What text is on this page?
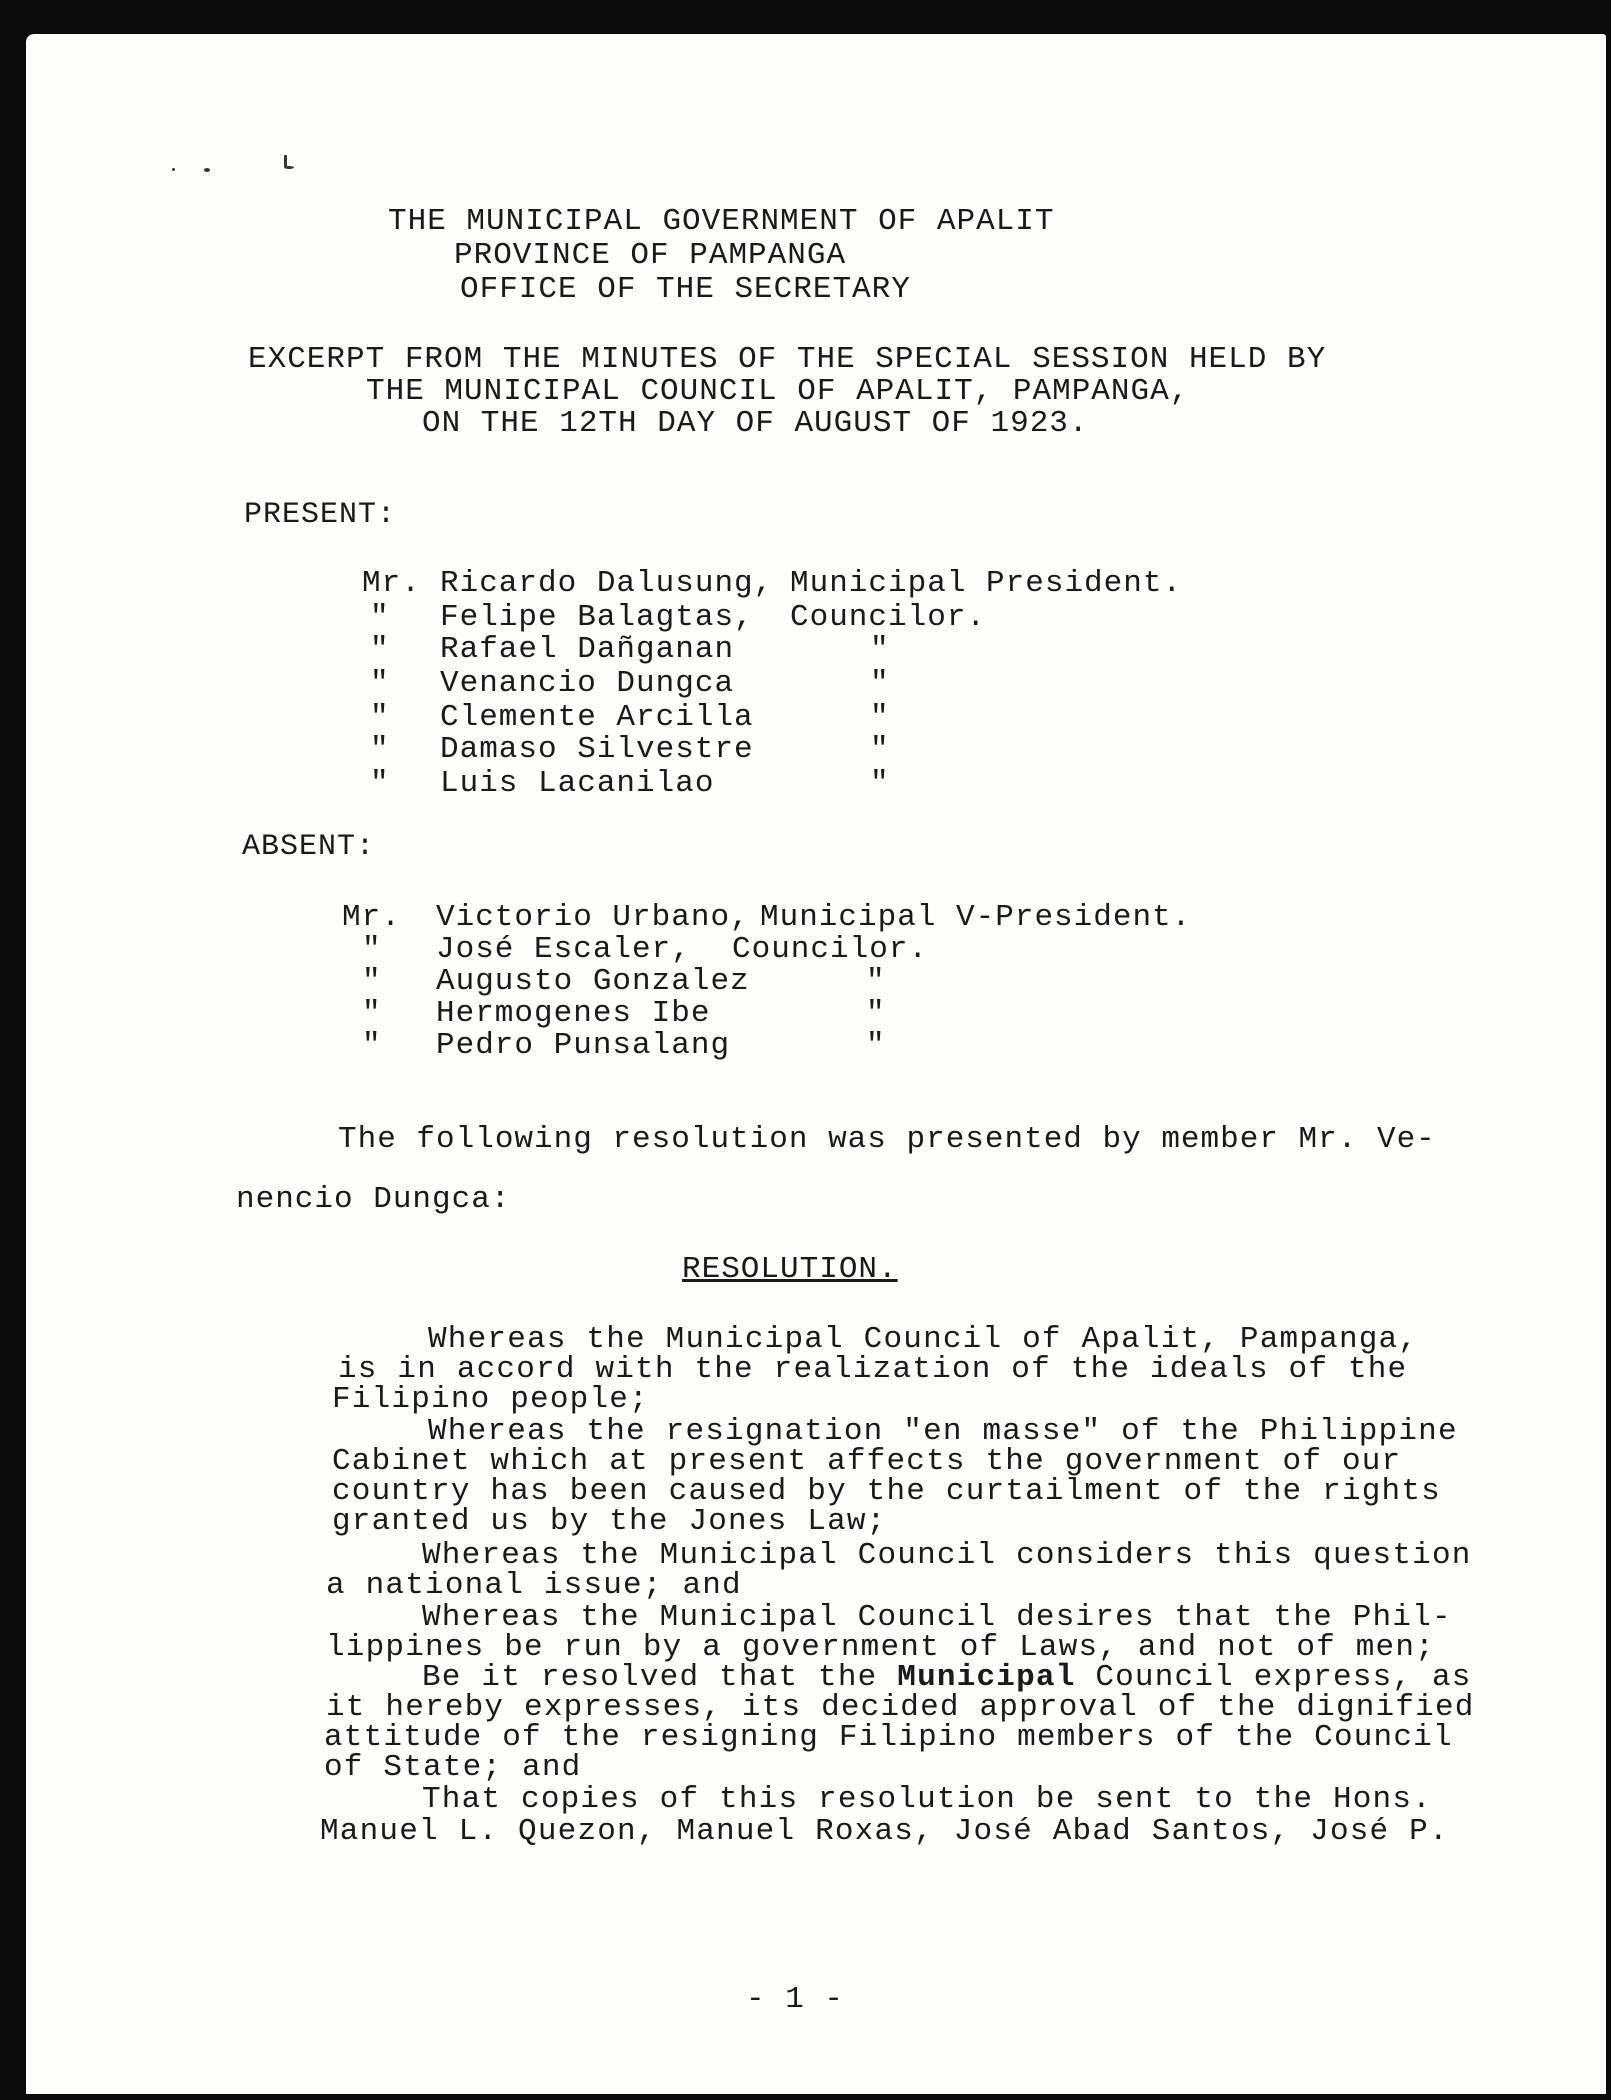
THE MUNICIPAL GOVERNMENT OF APALIT
PROVINCE OF PAMPANGA
OFFICE OF THE SECRETARY
EXCERPT FROM THE MINUTES OF THE SPECIAL SESSION HELD BY
THE MUNICIPAL COUNCIL OF APALIT, PAMPANGA,
ON THE 12TH DAY OF AUGUST OF 1923.
PRESENT:
Mr. Ricardo Dalusung, Municipal President.
" Felipe Balagtas, Councilor.
" Rafael Dañganan	"
" Venancio Dungca	"
" Clemente Arcilla	"
" Damaso Silvestre	"
" Luis Lacanilao	"
ABSENT:
Mr. Victorio Urbano, Municipal V-President.
" José Escaler, Councilor.
" Augusto Gonzalez	"
" Hermogenes Ibe	"
" Pedro Punsalang	"
The following resolution was presented by member Mr. Ve-
nencio Dungca:
RESOLUTION.
Whereas the Municipal Council of Apalit, Pampanga,
is in accord with the realization of the ideals of the
Filipino people;
Whereas the resignation "en masse" of the Philippine
Cabinet which at present affects the government of our
country has been caused by the curtailment of the rights
granted us by the Jones Law;
Whereas the Municipal Council considers this question
a national issue; and
Whereas the Municipal Council desires that the Phil-
lippines be run by a government of Laws, and not of men;
Be it resolved that the Municipal Council express, as
it hereby expresses, its decided approval of the dignified
attitude of the resigning Filipino members of the Council
of State; and
That copies of this resolution be sent to the Hons.
Manuel L. Quezon, Manuel Roxas, José Abad Santos, José P.
- 1 -
